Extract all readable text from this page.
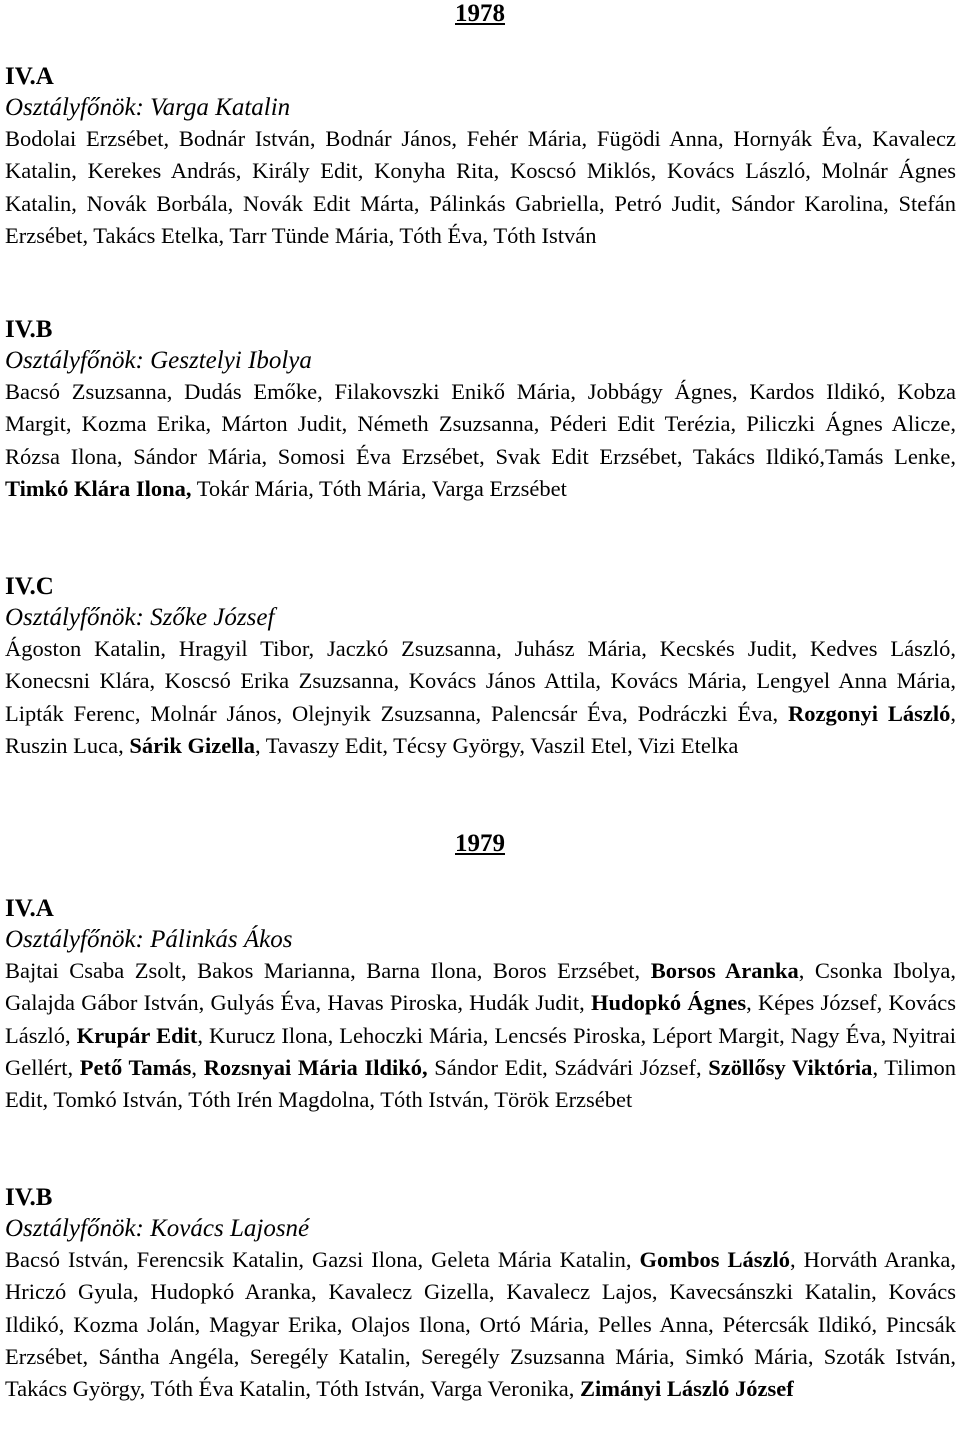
1978
IV.A

Osztályfőnök: Varga Katalin

Bodolai Erzsébet, Bodnár István, Bodnár János, Fehér Mária, Fügödi Anna, Hornyák Éva, Kavalecz Katalin, Kerekes András, Király Edit, Konyha Rita, Koscsó Miklós, Kovács László, Molnár Ágnes Katalin, Novák Borbála, Novák Edit Márta, Pálinkás Gabriella, Petró Judit, Sándor Karolina, Stefán Erzsébet, Takács Etelka, Tarr Tünde Mária, Tóth Éva, Tóth István

IV.B

Osztályfőnök: Gesztelyi Ibolya

Bacsó Zsuzsanna, Dudás Emőke, Filakovszki Enikő Mária, Jobbágy Ágnes, Kardos Ildikó, Kobza Margit, Kozma Erika, Márton Judit, Németh Zsuzsanna, Péderi Edit Terézia, Piliczki Ágnes Alicze, Rózsa Ilona, Sándor Mária, Somosi Éva Erzsébet, Svak Edit Erzsébet, Takács Ildikó,Tamás Lenke, Timkó Klára Ilona, Tokár Mária, Tóth Mária, Varga Erzsébet

IV.C

Osztályfőnök: Szőke József

Ágoston Katalin, Hragyil Tibor, Jaczkó Zsuzsanna, Juhász Mária, Kecskés Judit, Kedves László, Konecsni Klára, Koscsó Erika Zsuzsanna, Kovács János Attila, Kovács Mária, Lengyel Anna Mária, Lipták Ferenc, Molnár János, Olejnyik Zsuzsanna, Palencsár Éva, Podráczki Éva, Rozgonyi László, Ruszin Luca, Sárik Gizella, Tavaszy Edit, Técsy György, Vaszil Etel, Vizi Etelka

1979
IV.A

Osztályfőnök: Pálinkás Ákos

Bajtai Csaba Zsolt, Bakos Marianna, Barna Ilona, Boros Erzsébet, Borsos Aranka, Csonka Ibolya, Galajda Gábor István, Gulyás Éva, Havas Piroska, Hudák Judit, Hudopkó Ágnes, Képes József, Kovács László, Krupár Edit, Kurucz Ilona, Lehoczki Mária, Lencsés Piroska, Léport Margit, Nagy Éva, Nyitrai Gellért, Pető Tamás, Rozsnyai Mária Ildikó, Sándor Edit, Szádvári József, Szöllősy Viktória, Tilimon Edit, Tomkó István, Tóth Irén Magdolna, Tóth István, Török Erzsébet

IV.B

Osztályfőnök: Kovács Lajosné

Bacsó István, Ferencsik Katalin, Gazsi Ilona, Geleta Mária Katalin, Gombos László, Horváth Aranka, Hriczó Gyula, Hudopkó Aranka, Kavalecz Gizella, Kavalecz Lajos, Kavecsánszki Katalin, Kovács Ildikó, Kozma Jolán, Magyar Erika, Olajos Ilona, Ortó Mária, Pelles Anna, Pétercsák Ildikó, Pincsák Erzsébet, Sántha Angéla, Seregély Katalin, Seregély Zsuzsanna Mária, Simkó Mária, Szoták István, Takács György, Tóth Éva Katalin, Tóth István, Varga Veronika, Zimányi László József
